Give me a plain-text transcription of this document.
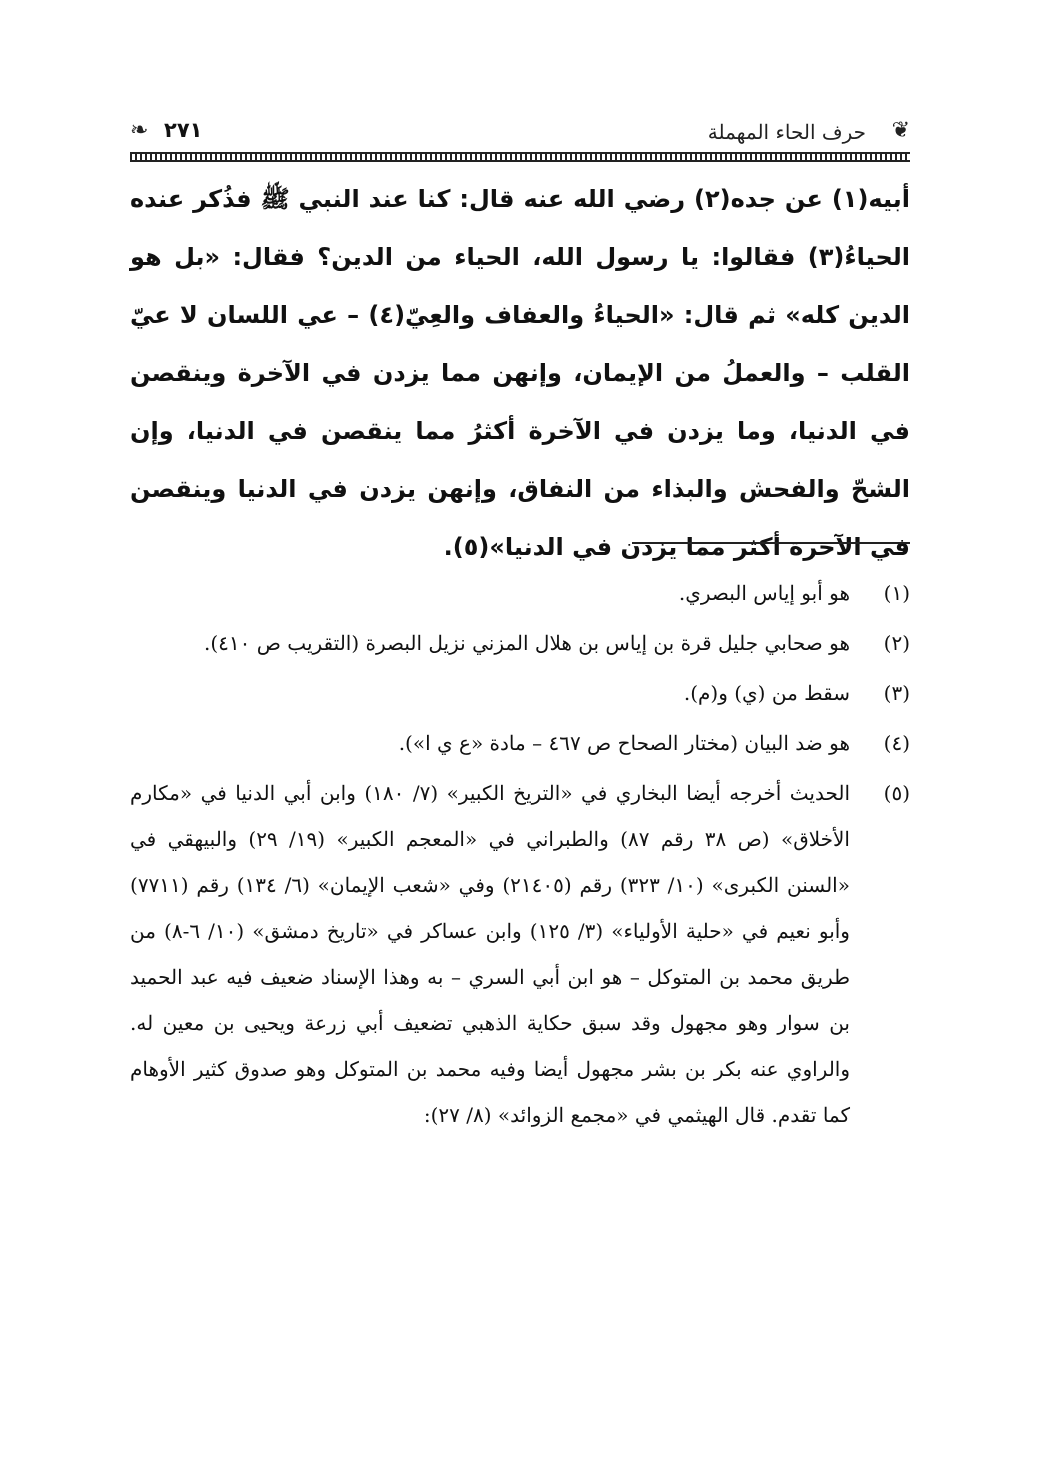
❦
حرف الحاء المهملة
٢٧١
❧

أبيه(١) عن جده(٢) رضي الله عنه قال: كنا عند النبي ﷺ فذُكر عنده الحياءُ(٣) فقالوا: يا رسول الله، الحياء من الدين؟ فقال: «بل هو الدين كله» ثم قال: «الحياءُ والعفاف والعِيّ(٤) – عي اللسان لا عيّ القلب – والعملُ من الإيمان، وإنهن مما يزدن في الآخرة وينقصن في الدنيا، وما يزدن في الآخرة أكثرُ مما ينقصن في الدنيا، وإن الشحّ والفحش والبذاء من النفاق، وإنهن يزدن في الدنيا وينقصن في الآخرة أكثر مما يزدن في الدنيا»(٥).

(١)
هو أبو إياس البصري.
(٢)
هو صحابي جليل قرة بن إياس بن هلال المزني نزيل البصرة (التقريب ص ٤١٠).
(٣)
سقط من (ي) و(م).
(٤)
هو ضد البيان (مختار الصحاح ص ٤٦٧ – مادة «ع ي ا»).
(٥)
الحديث أخرجه أيضا البخاري في «التريخ الكبير» (٧/ ١٨٠) وابن أبي الدنيا في «مكارم الأخلاق» (ص ٣٨ رقم ٨٧) والطبراني في «المعجم الكبير» (١٩/ ٢٩) والبيهقي في «السنن الكبرى» (١٠/ ٣٢٣) رقم (٢١٤٠٥) وفي «شعب الإيمان» (٦/ ١٣٤) رقم (٧٧١١) وأبو نعيم في «حلية الأولياء» (٣/ ١٢٥) وابن عساكر في «تاريخ دمشق» (١٠/ ٦-٨) من طريق محمد بن المتوكل – هو ابن أبي السري – به وهذا الإسناد ضعيف فيه عبد الحميد بن سوار وهو مجهول وقد سبق حكاية الذهبي تضعيف أبي زرعة ويحيى بن معين له. والراوي عنه بكر بن بشر مجهول أيضا وفيه محمد بن المتوكل وهو صدوق كثير الأوهام كما تقدم. قال الهيثمي في «مجمع الزوائد» (٨/ ٢٧):
